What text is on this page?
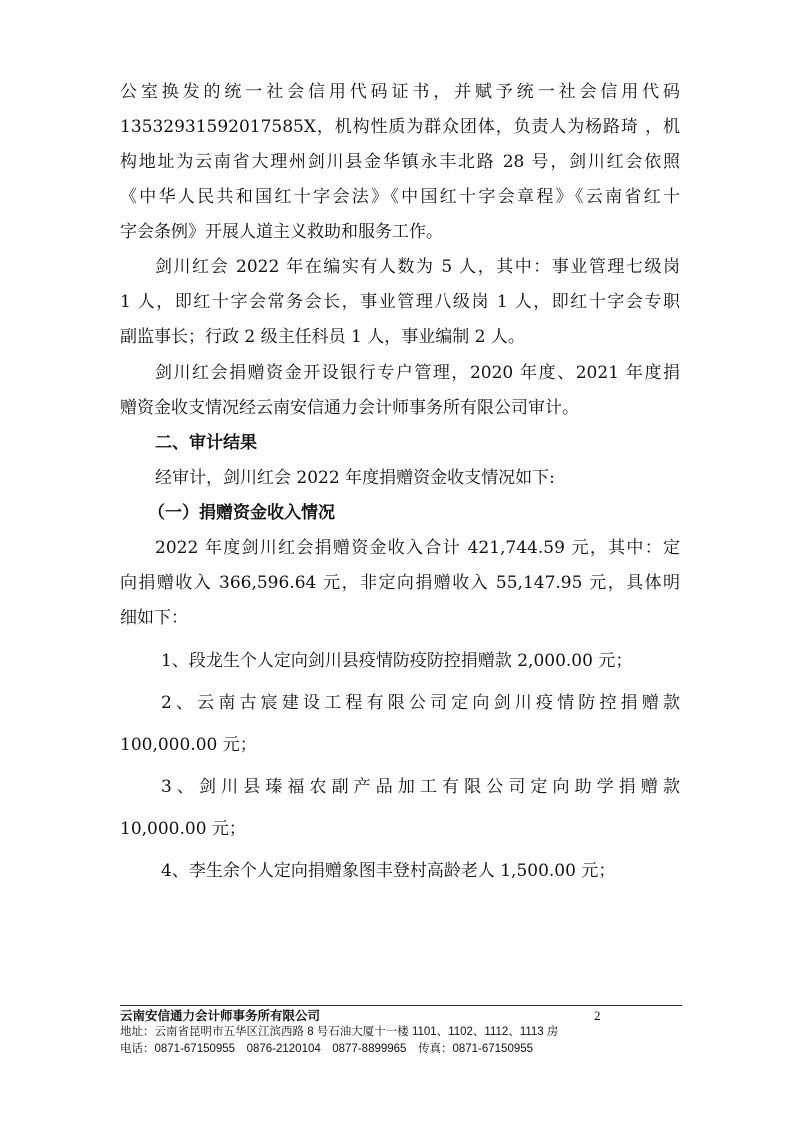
公室换发的统一社会信用代码证书，并赋予统一社会信用代码
13532931592017585X，机构性质为群众团体，负责人为杨路琦 ，机
构地址为云南省大理州剑川县金华镇永丰北路 28 号，剑川红会依照
《中华人民共和国红十字会法》《中国红十字会章程》《云南省红十
字会条例》开展人道主义救助和服务工作。
剑川红会 2022 年在编实有人数为 5 人，其中：事业管理七级岗
1 人，即红十字会常务会长，事业管理八级岗 1 人，即红十字会专职
副监事长；行政 2 级主任科员 1 人，事业编制 2 人。
剑川红会捐赠资金开设银行专户管理，2020 年度、2021 年度捐
赠资金收支情况经云南安信通力会计师事务所有限公司审计。
二、审计结果
经审计，剑川红会 2022 年度捐赠资金收支情况如下:
（一）捐赠资金收入情况
2022 年度剑川红会捐赠资金收入合计 421,744.59 元，其中：定
向捐赠收入 366,596.64 元，非定向捐赠收入 55,147.95 元，具体明
细如下：
1、段龙生个人定向剑川县疫情防疫防控捐赠款 2,000.00 元；
2、云南古宸建设工程有限公司定向剑川疫情防控捐赠款
100,000.00 元；
3、剑川县瑧福农副产品加工有限公司定向助学捐赠款
10,000.00 元；
4、李生余个人定向捐赠象图丰登村高龄老人 1,500.00 元；
云南安信通力会计师事务所有限公司	2
地址：云南省昆明市五华区江滨西路 8 号石油大厦十一楼 1101、1102、1112、1113 房
电话：0871-67150955　0876-2120104　0877-8899965　传真：0871-67150955
